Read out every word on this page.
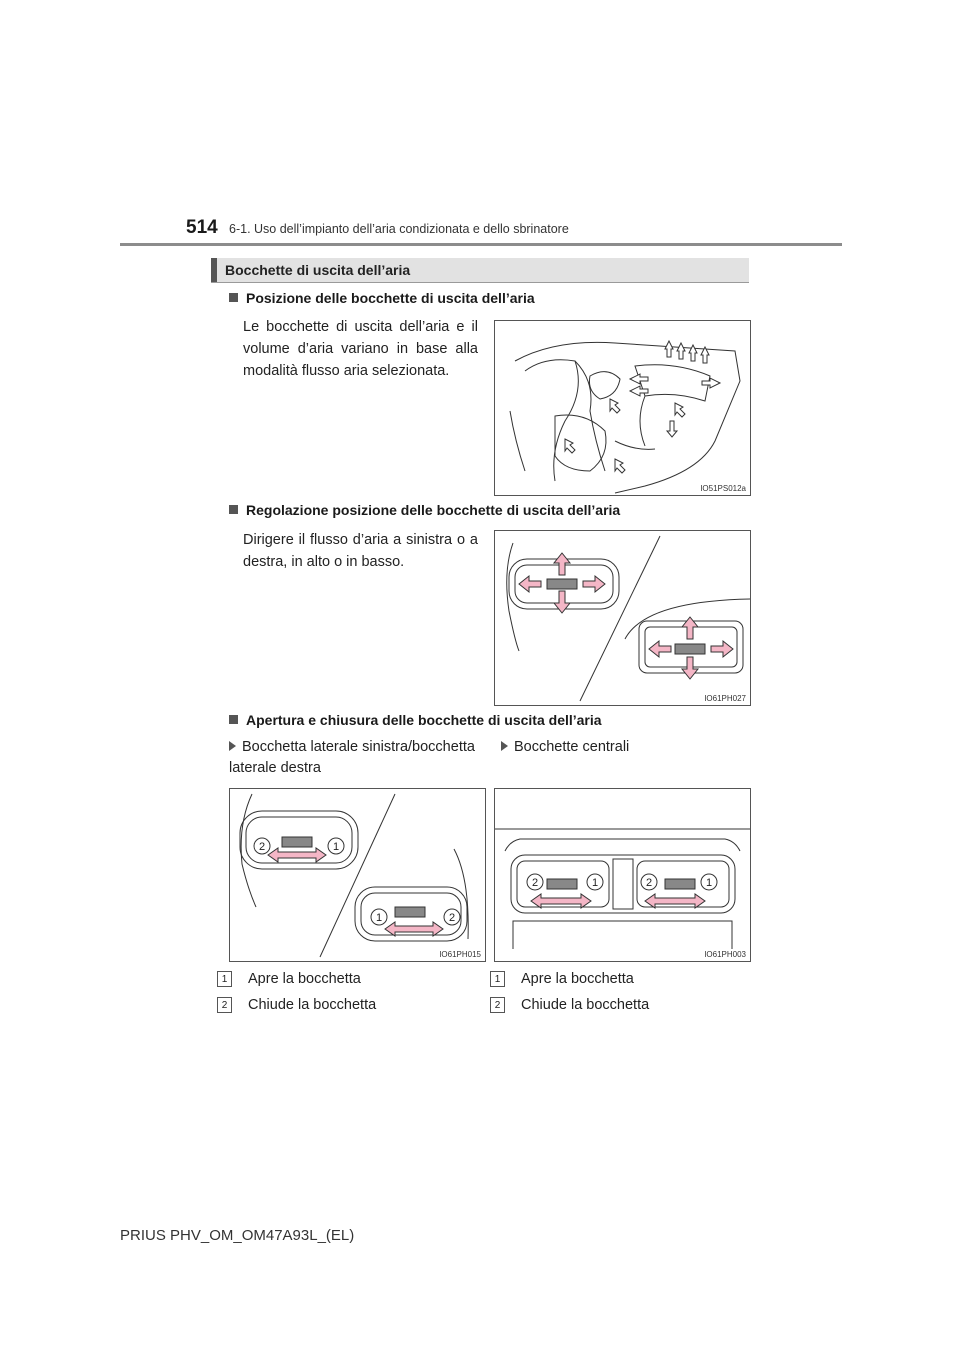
514 6-1. Uso dell’impianto dell’aria condizionata e dello sbrinatore
Bocchette di uscita dell’aria
Posizione delle bocchette di uscita dell’aria
Le bocchette di uscita dell’aria e il volume d’aria variano in base alla modalità flusso aria selezionata.
IO51PS012a
Regolazione posizione delle bocchette di uscita dell’aria
Dirigere il flusso d’aria a sinistra o a destra, in alto o in basso.
IO61PH027
Apertura e chiusura delle bocchette di uscita dell’aria
Bocchetta laterale sinistra/bocchetta laterale destra
Bocchette centrali
2	1
1	2
IO61PH015
2	1	2	1
IO61PH003
1	Apre la bocchetta
2	Chiude la bocchetta
1	Apre la bocchetta
2	Chiude la bocchetta
PRIUS PHV_OM_OM47A93L_(EL)
